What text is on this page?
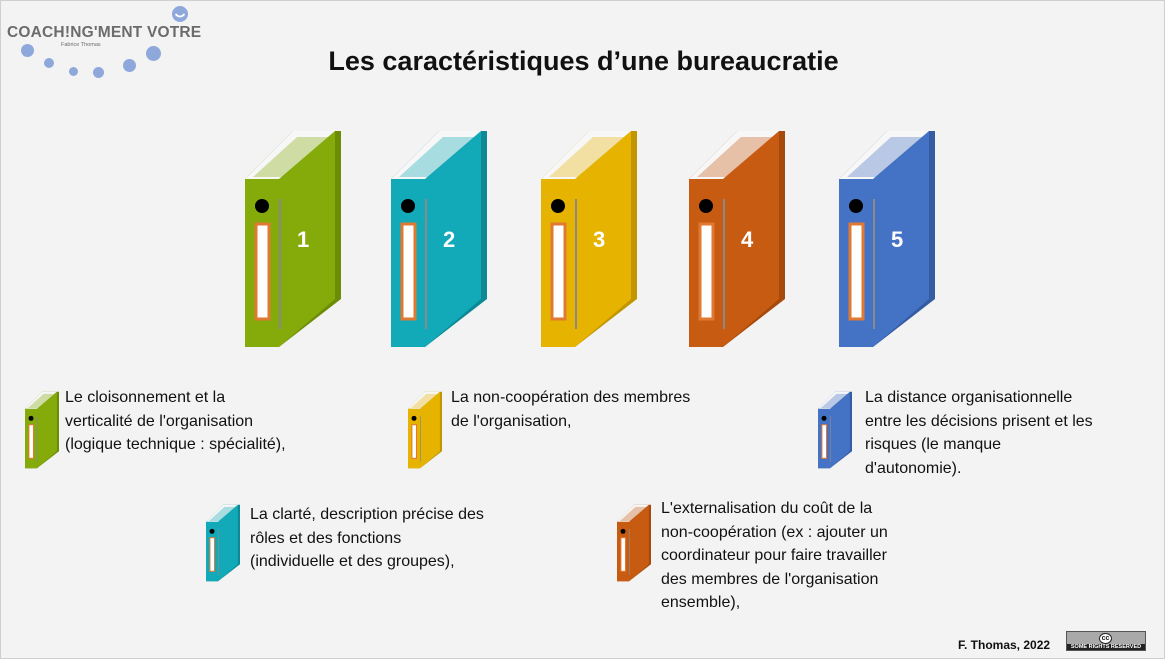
COACH!NG'MENT VOTRE
Fabrice Thomas
Les caractéristiques d’une bureaucratie
1	2	3	4	5
Le cloisonnement et la
verticalité de l'organisation
(logique technique : spécialité),
La non-coopération des membres
de l'organisation,
La distance organisationnelle
entre les décisions prisent et les
risques (le manque
d'autonomie).
La clarté, description précise des
rôles et des fonctions
(individuelle et des groupes),
L'externalisation du coût de la
non-coopération (ex : ajouter un
coordinateur pour faire travailler
des membres de l'organisation
ensemble),
F. Thomas, 2022	cc
SOME RIGHTS RESERVED
